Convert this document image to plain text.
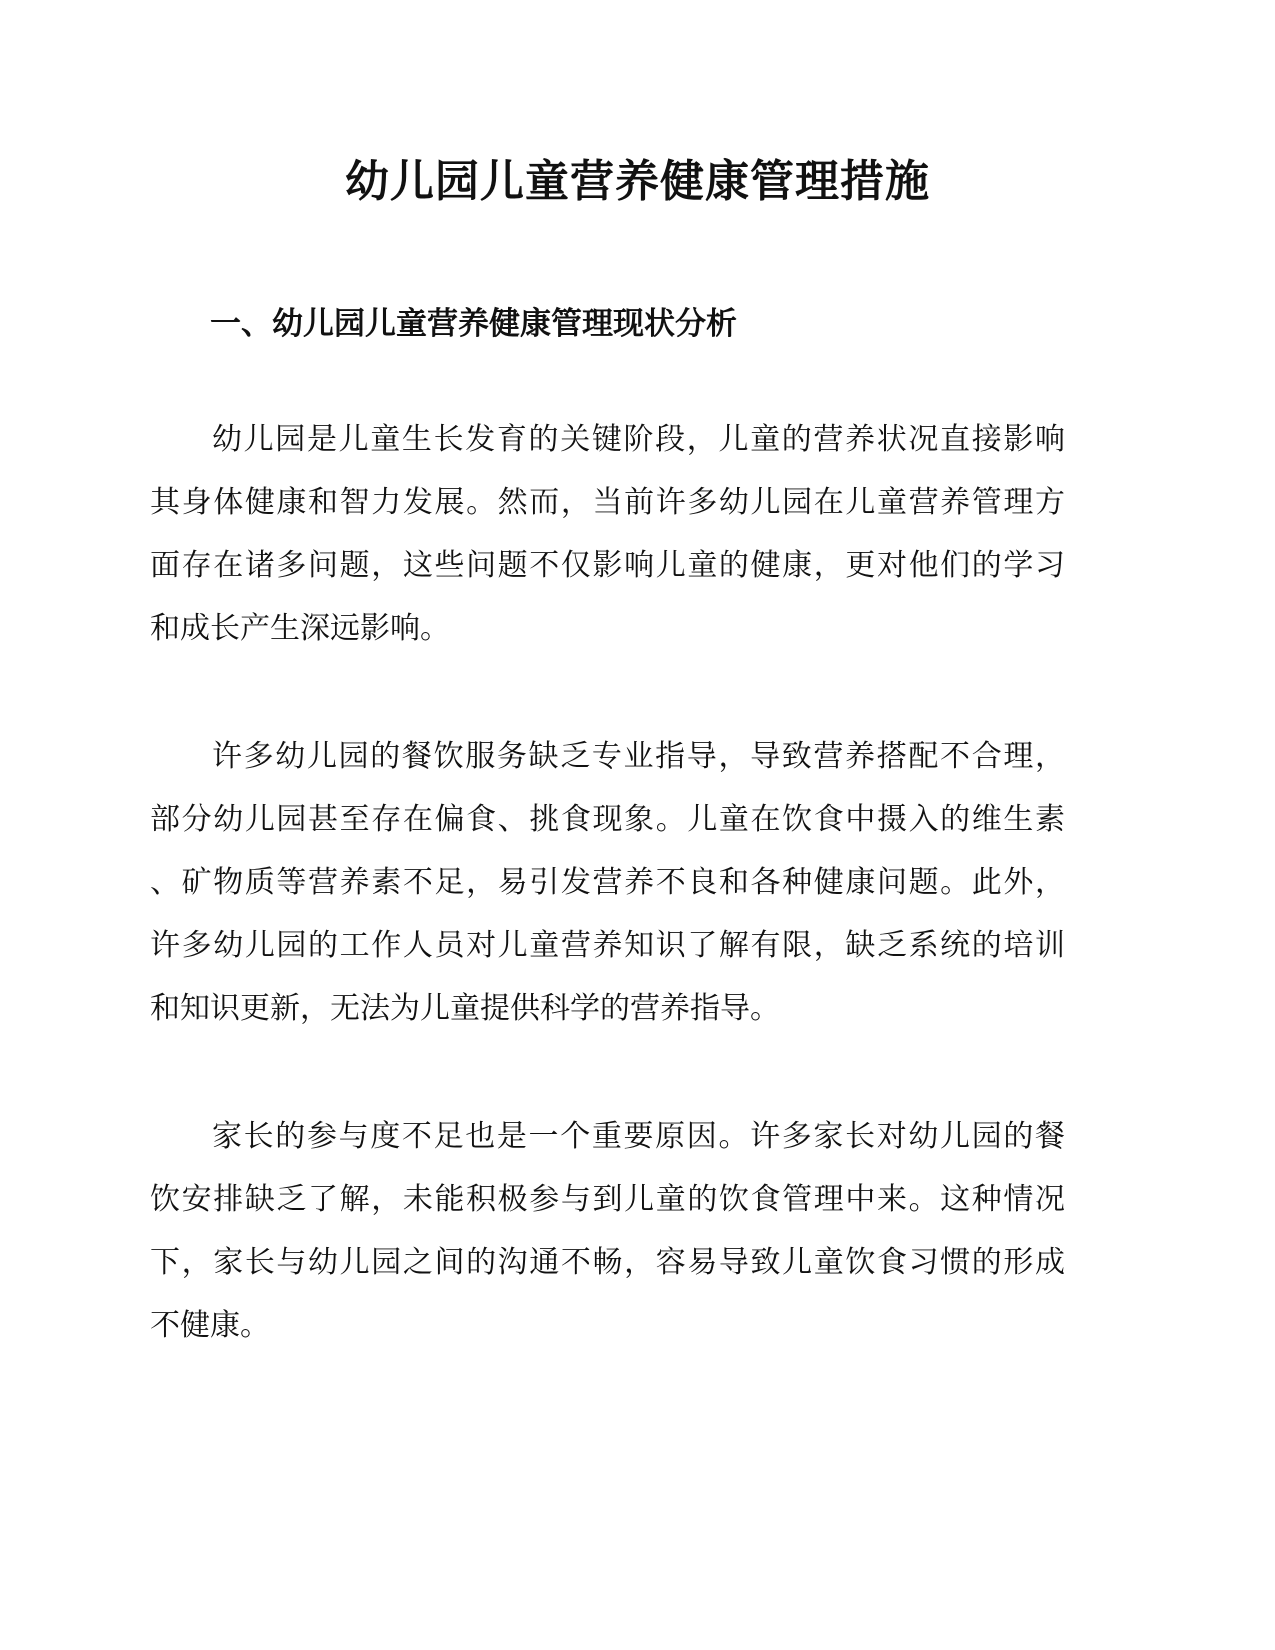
幼儿园儿童营养健康管理措施
一、幼儿园儿童营养健康管理现状分析

幼儿园是儿童生长发育的关键阶段，儿童的营养状况直接影响
其身体健康和智力发展。然而，当前许多幼儿园在儿童营养管理方
面存在诸多问题，这些问题不仅影响儿童的健康，更对他们的学习
和成长产生深远影响。

许多幼儿园的餐饮服务缺乏专业指导，导致营养搭配不合理，
部分幼儿园甚至存在偏食、挑食现象。儿童在饮食中摄入的维生素
、矿物质等营养素不足，易引发营养不良和各种健康问题。此外，
许多幼儿园的工作人员对儿童营养知识了解有限，缺乏系统的培训
和知识更新，无法为儿童提供科学的营养指导。

家长的参与度不足也是一个重要原因。许多家长对幼儿园的餐
饮安排缺乏了解，未能积极参与到儿童的饮食管理中来。这种情况
下，家长与幼儿园之间的沟通不畅，容易导致儿童饮食习惯的形成
不健康。
